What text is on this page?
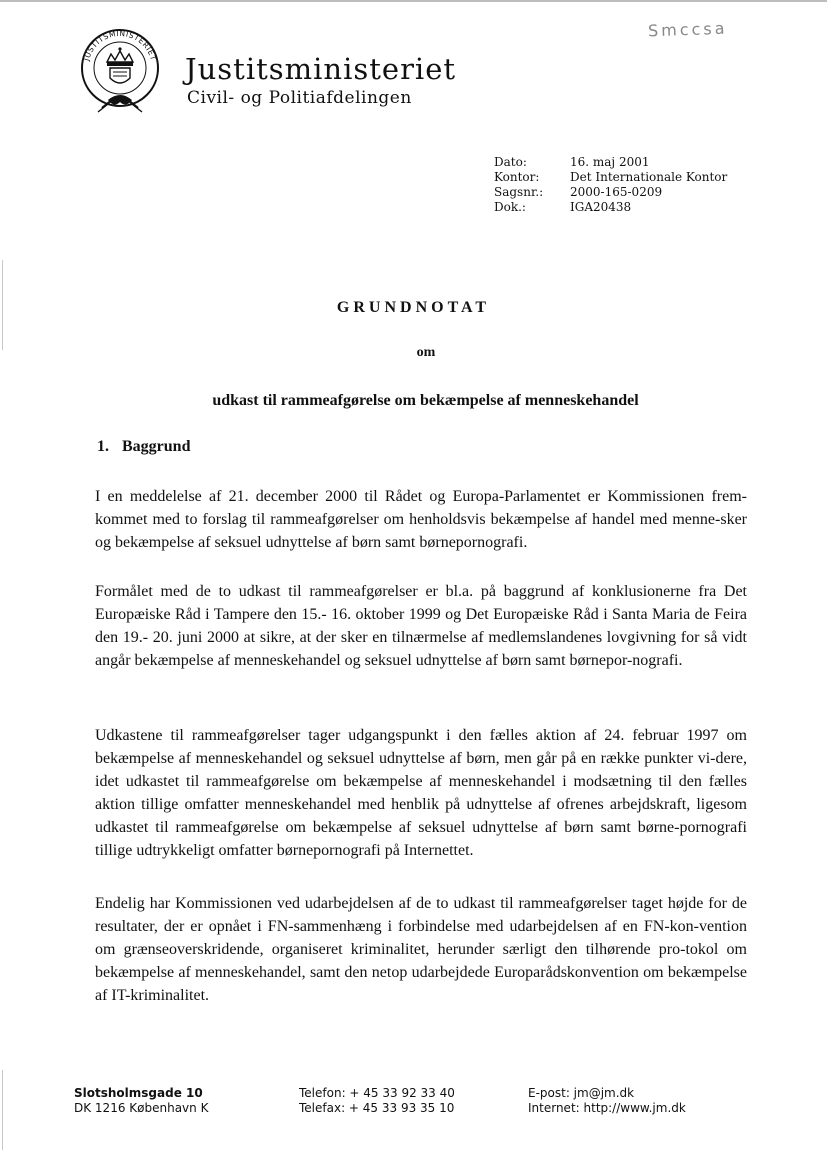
Smccsa
JUSTITSMINISTERIET Justitsministeriet
Civil- og Politiafdelingen
Dato:	16. maj 2001
Kontor:	Det Internationale Kontor
Sagsnr.:	2000-165-0209
Dok.:	IGA20438
GRUNDNOTAT
om
udkast til rammeafgørelse om bekæmpelse af menneskehandel
1. Baggrund
I en meddelelse af 21. december 2000 til Rådet og Europa-Parlamentet er Kommissionen frem-kommet med to forslag til rammeafgørelser om henholdsvis bekæmpelse af handel med menne-sker og bekæmpelse af seksuel udnyttelse af børn samt børnepornografi.
Formålet med de to udkast til rammeafgørelser er bl.a. på baggrund af konklusionerne fra Det Europæiske Råd i Tampere den 15.- 16. oktober 1999 og Det Europæiske Råd i Santa Maria de Feira den 19.- 20. juni 2000 at sikre, at der sker en tilnærmelse af medlemslandenes lovgivning for så vidt angår bekæmpelse af menneskehandel og seksuel udnyttelse af børn samt børnepor-nografi.
Udkastene til rammeafgørelser tager udgangspunkt i den fælles aktion af 24. februar 1997 om bekæmpelse af menneskehandel og seksuel udnyttelse af børn, men går på en række punkter vi-dere, idet udkastet til rammeafgørelse om bekæmpelse af menneskehandel i modsætning til den fælles aktion tillige omfatter menneskehandel med henblik på udnyttelse af ofrenes arbejdskraft, ligesom udkastet til rammeafgørelse om bekæmpelse af seksuel udnyttelse af børn samt børne-pornografi tillige udtrykkeligt omfatter børnepornografi på Internettet.
Endelig har Kommissionen ved udarbejdelsen af de to udkast til rammeafgørelser taget højde for de resultater, der er opnået i FN-sammenhæng i forbindelse med udarbejdelsen af en FN-kon-vention om grænseoverskridende, organiseret kriminalitet, herunder særligt den tilhørende pro-tokol om bekæmpelse af menneskehandel, samt den netop udarbejdede Europarådskonvention om bekæmpelse af IT-kriminalitet.
Slotsholmsgade 10
DK 1216 København K
Telefon: + 45 33 92 33 40
Telefax: + 45 33 93 35 10
E-post: jm@jm.dk
Internet: http://www.jm.dk
